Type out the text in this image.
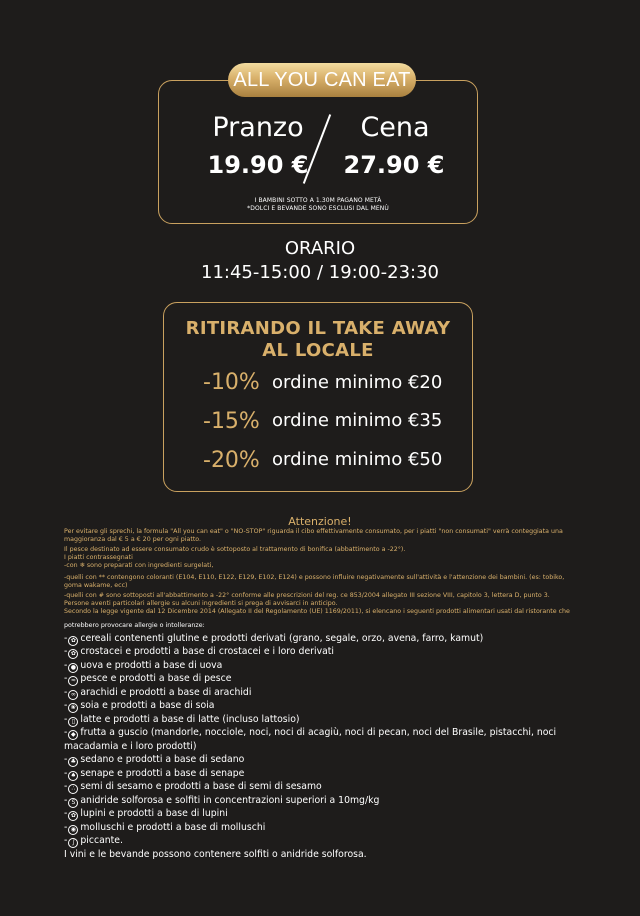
ALL YOU CAN EAT
Pranzo	Cena
19.90 €	27.90 €
I BAMBINI SOTTO A 1.30M PAGANO METÀ
*DOLCI E BEVANDE SONO ESCLUSI DAL MENÙ
ORARIO
11:45-15:00 / 19:00-23:30
RITIRANDO IL TAKE AWAY
AL LOCALE
-10% ordine minimo €20
-15% ordine minimo €35
-20% ordine minimo €50
Attenzione!
Per evitare gli sprechi, la formula "All you can eat" o "NO-STOP" riguarda il cibo effettivamente consumato, per i piatti "non consumati" verrà conteggiata una
maggioranza dal € 5 a € 20 per ogni piatto.
Il pesce destinato ad essere consumato crudo è sottoposto al trattamento di bonifica (abbattimento a -22°).
I piatti contrassegnati
-con ❄ sono preparati con ingredienti surgelati,
-quelli con ** contengono coloranti (E104, E110, E122, E129, E102, E124) e possono influire negativamente sull'attività e l'attenzione dei bambini. (es: tobiko,
goma wakame, ecc)
-quelli con # sono sottoposti all'abbattimento a -22° conforme alle prescrizioni del reg. ce 853/2004 allegato III sezione VIII, capitolo 3, lettera D, punto 3.
Persone aventi particolari allergie su alcuni ingredienti si prega di avvisarci in anticipo.
Secondo la legge vigente dal 12 Dicembre 2014 (Allegato II del Regolamento (UE) 1169/2011), si elencano i seguenti prodotti alimentari usati dal ristorante che
potrebbero provocare allergie o intolleranze:
- ✿ cereali contenenti glutine e prodotti derivati (grano, segale, orzo, avena, farro, kamut)
- ✿ crostacei e prodotti a base di crostacei e i loro derivati
- ● uova e prodotti a base di uova
- ≈ pesce e prodotti a base di pesce
- ∞ arachidi e prodotti a base di arachidi
- ❀ soia e prodotti a base di soia
- ▯ latte e prodotti a base di latte (incluso lattosio)
- ◆ frutta a guscio (mandorle, nocciole, noci, noci di acagiù, noci di pecan, noci del Brasile, pistacchi, noci
macadamia e i loro prodotti)
- ♣ sedano e prodotti a base di sedano
- ♠ senape e prodotti a base di senape
- ∴ semi di sesamo e prodotti a base di semi di sesamo
- S anidride solforosa e solfiti in concentrazioni superiori a 10mg/kg
- ✿ lupini e prodotti a base di lupini
- ◉ molluschi e prodotti a base di molluschi
- ∫ piccante.
I vini e le bevande possono contenere solfiti o anidride solforosa.
